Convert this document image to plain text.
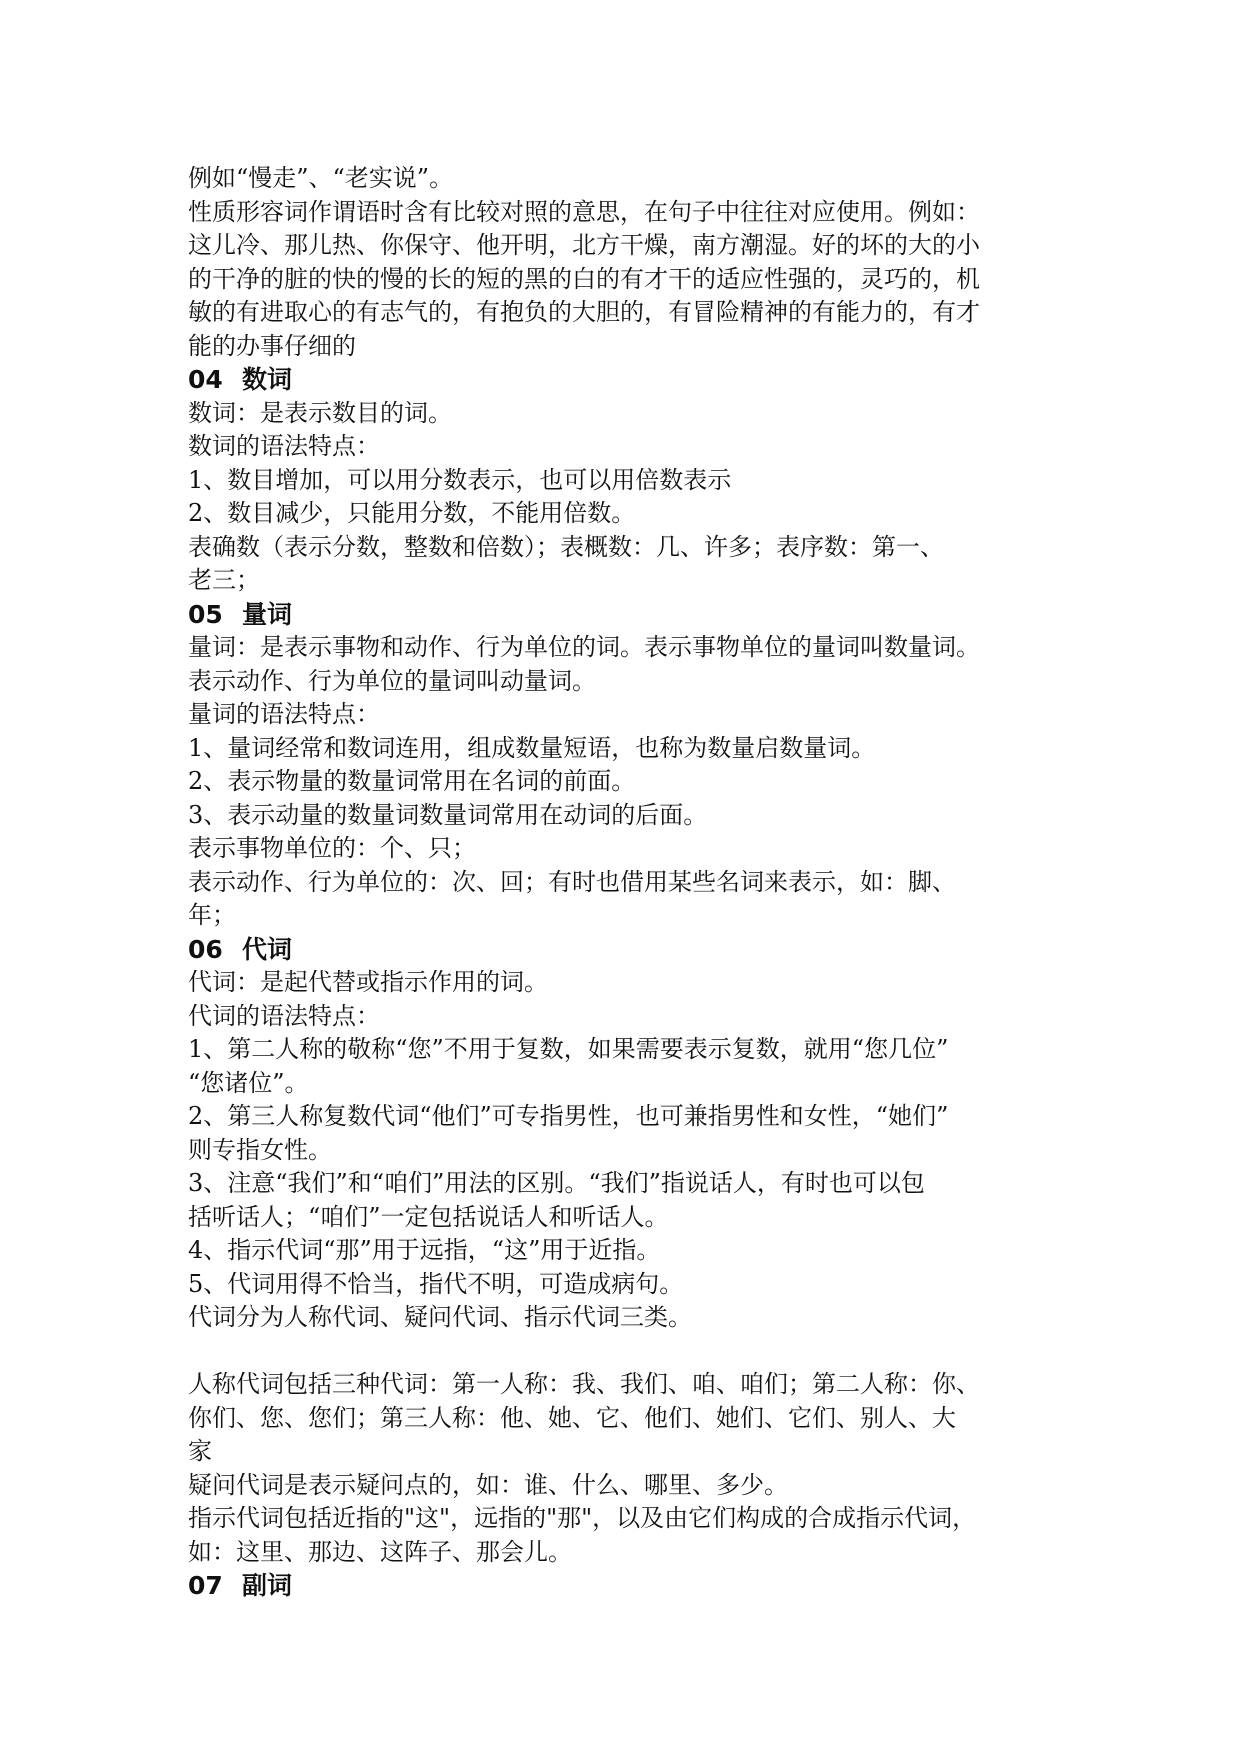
例如“慢走”、“老实说”。

性质形容词作谓语时含有比较对照的意思，在句子中往往对应使用。例如：

这儿冷、那儿热、你保守、他开明，北方干燥，南方潮湿。好的坏的大的小

的干净的脏的快的慢的长的短的黑的白的有才干的适应性强的，灵巧的，机

敏的有进取心的有志气的，有抱负的大胆的，有冒险精神的有能力的，有才

能的办事仔细的

04 数词

数词：是表示数目的词。

数词的语法特点：

1、数目增加，可以用分数表示，也可以用倍数表示

2、数目减少，只能用分数，不能用倍数。

表确数（表示分数，整数和倍数）；表概数：几、许多；表序数：第一、

老三；

05 量词

量词：是表示事物和动作、行为单位的词。表示事物单位的量词叫数量词。

表示动作、行为单位的量词叫动量词。

量词的语法特点：

1、量词经常和数词连用，组成数量短语，也称为数量启数量词。

2、表示物量的数量词常用在名词的前面。

3、表示动量的数量词数量词常用在动词的后面。

表示事物单位的：个、只；

表示动作、行为单位的：次、回；有时也借用某些名词来表示，如：脚、

年；

06 代词

代词：是起代替或指示作用的词。

代词的语法特点：

1、第二人称的敬称“您”不用于复数，如果需要表示复数，就用“您几位”

“您诸位”。

2、第三人称复数代词“他们”可专指男性，也可兼指男性和女性，“她们”

则专指女性。

3、注意“我们”和“咱们”用法的区别。“我们”指说话人，有时也可以包

括听话人；“咱们”一定包括说话人和听话人。

4、指示代词“那”用于远指，“这”用于近指。

5、代词用得不恰当，指代不明，可造成病句。

代词分为人称代词、疑问代词、指示代词三类。

人称代词包括三种代词：第一人称：我、我们、咱、咱们；第二人称：你、

你们、您、您们；第三人称：他、她、它、他们、她们、它们、别人、大

家

疑问代词是表示疑问点的，如：谁、什么、哪里、多少。

指示代词包括近指的"这"，远指的"那"，以及由它们构成的合成指示代词，

如：这里、那边、这阵子、那会儿。

07 副词
